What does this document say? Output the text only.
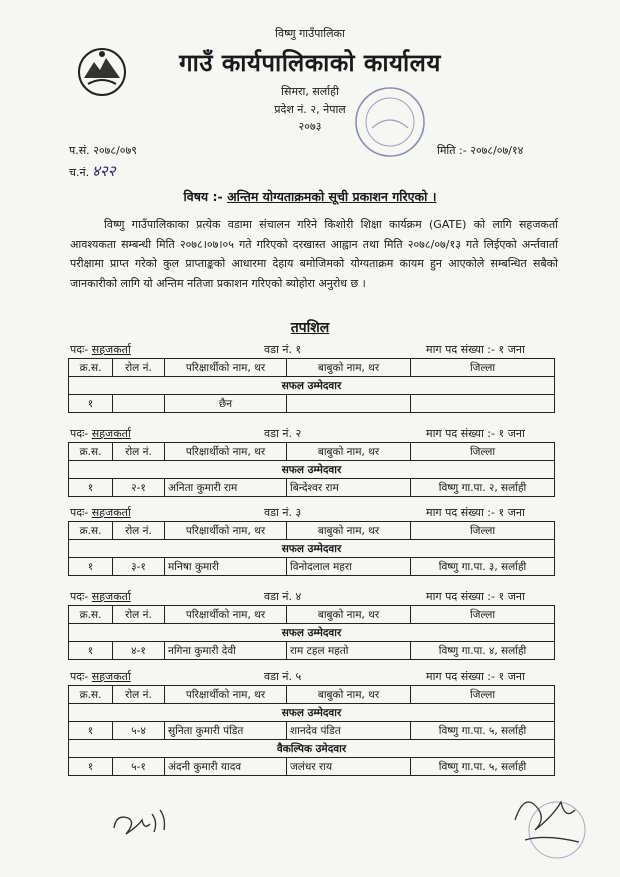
विष्णु गाउँपालिका
गाउँ कार्यपालिकाको कार्यालय
सिमरा, सर्लाही
प्रदेश नं. २, नेपाल
२०७३
प.सं. २०७८/०७९
च.नं. ४२२
मिति :- २०७८/०७/१४
विषय :- अन्तिम योग्यताक्रमको सूची प्रकाशन गरिएको ।
विष्णु गाउँपालिकाका प्रत्येक वडामा संचालन गरिने किशोरी शिक्षा कार्यक्रम (GATE) को लागि सहजकर्ता आवश्यकता सम्बन्धी मिति २०७८।०७।०५ गते गरिएको दरखास्त आह्वान तथा मिति २०७८/०७/१३ गते लिईएको अर्न्तवार्ता परीक्षामा प्राप्त गरेको कुल प्राप्ताङ्कको आधारमा देहाय बमोजिमको योग्यताक्रम कायम हुन आएकोले सम्बन्धित सबैको जानकारीको लागि यो अन्तिम नतिजा प्रकाशन गरिएको ब्योहोरा अनुरोध छ ।
तपशिल
पदः- सहजकर्ता	वडा नं. १	माग पद संख्या :- १ जना
क्र.स.	रोल नं.	परिक्षार्थीको नाम, थर	बाबुको नाम, थर	जिल्ला
सफल उम्मेदवार				
१		छैन		
पदः- सहजकर्ता	वडा नं. २	माग पद संख्या :- १ जना
क्र.स.	रोल नं.	परिक्षार्थीको नाम, थर	बाबुको नाम, थर	जिल्ला
सफल उम्मेदवार				
१	२-१	अनिता कुमारी राम	बिन्देश्वर राम	विष्णु गा.पा. २, सर्लाही
पदः- सहजकर्ता	वडा नं. ३	माग पद संख्या :- १ जना
क्र.स.	रोल नं.	परिक्षार्थीको नाम, थर	बाबुको नाम, थर	जिल्ला
सफल उम्मेदवार				
१	३-१	मनिषा कुमारी	विनोदलाल महरा	विष्णु गा.पा. ३, सर्लाही
पदः- सहजकर्ता	वडा नं. ४	माग पद संख्या :- १ जना
क्र.स.	रोल नं.	परिक्षार्थीको नाम, थर	बाबुको नाम, थर	जिल्ला
सफल उम्मेदवार				
१	४-१	नगिना कुमारी देवी	राम टहल महतो	विष्णु गा.पा. ४, सर्लाही
पदः- सहजकर्ता	वडा नं. ५	माग पद संख्या :- १ जना
क्र.स.	रोल नं.	परिक्षार्थीको नाम, थर	बाबुको नाम, थर	जिल्ला
सफल उम्मेदवार				
१	५-४	सुनिता कुमारी पंडित	शानदेव पंडित	विष्णु गा.पा. ५, सर्लाही
वैकल्पिक उमेदवार				
१	५-१	अंदनी कुमारी यादव	जलंधर राय	विष्णु गा.पा. ५, सर्लाही
